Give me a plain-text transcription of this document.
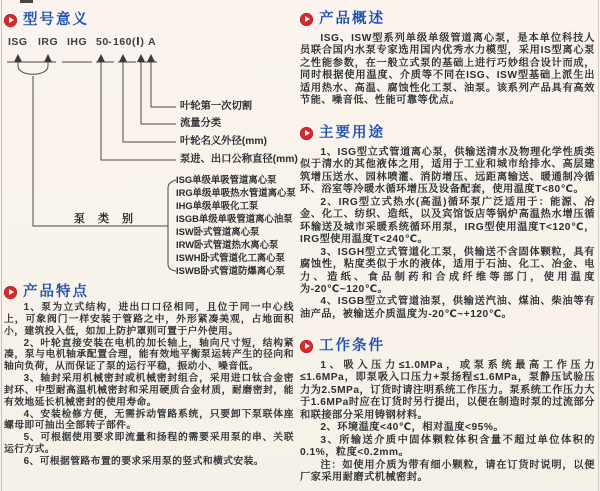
型号意义
ISG IRG IHG 50 - 160 (Ⅰ) A
叶轮第一次切割
流量分类
叶轮名义外径(mm)
泵进、出口公称直径(mm)
泵　类　别
ISG单级单吸管道离心泵
IRG单级单吸热水管道离心泵
IHG单级单吸化工泵
ISGB单级单吸管道离心油泵
ISW卧式管道离心泵
IRW卧式管道热水离心泵
ISWH卧式管道化工离心泵
ISWB卧式管道防爆离心泵
产品特点

1、泵为立式结构，进出口口径相同，且位于同一中心线上，可象阀门一样安装于管路之中，外形紧凑美观，占地面积小，建筑投入低，如加上防护罩则可置于户外使用。

2、叶轮直接安装在电机的加长轴上，轴向尺寸短，结构紧凑，泵与电机轴承配置合理，能有效地平衡泵运转产生的径向和轴向负荷，从而保证了泵的运行平稳，振动小、噪音低。

3、轴封采用机械密封或机械密封组合，采用进口钛合金密封环、中型耐高温机械密封和采用硬质合金材质，耐磨密封，能有效地延长机械密封的使用寿命。

4、安装检修方便，无需拆动管路系统，只要卸下泵联体座螺母即可抽出全部转子部件。

5、可根据使用要求即流量和扬程的需要采用泵的串、关联运行方式。

6、可根据管路布置的要求采用泵的竖式和横式安装。

产品概述

ISG、ISW型系列单级单级管道离心泵，是本单位科技人员联合国内水泵专家选用国内优秀水力模型，采用IS型离心泵之性能参数，在一般立式泵的基础上进行巧妙组合设计而成，同时根据使用温度、介质等不同在ISG、ISW型基础上派生出适用热水、高温、腐蚀性化工泵、油泵。该系列产品具有高效节能、噪音低、性能可靠等优点。

主要用途

1、ISG型立式管道离心泵，供输送清水及物理化学性质类似于清水的其他液体之用，适用于工业和城市给排水、高层建筑增压送水、园林喷灌、消防增压、远距离输送、暖通制冷循环、浴室等冷暖水循环增压及设备配套，使用温度T<80℃。

2、IRG型立式热水(高温)循环泵广泛适用于：能源、冶金、化工、纺织、造纸，以及宾馆饭店等锅炉高温热水增压循环输送及城市采暖系统循环用泵，IRG型使用温度T<120℃，IRG型使用温度T<240℃。

3、ISGH型立式管道化工泵，供输送不含固体颗粒，具有腐蚀性，粘度类似于水的液体，适用于石油、化工、冶金、电力、造纸、食品制药和合成纤维等部门，使用温度为-20℃~120℃。

4、ISGB型立式管道油泵，供输送汽油、煤油、柴油等有油产品，被输送介质温度为-20℃~+120℃。

工作条件

1、吸入压力≤1.0MPa，或泵系统最高工作压力≤1.6MPa，即泵吸入口压力+泵扬程≤1.6MPa，泵静压试验压力为2.5MPa，订货时请注明系统工作压力。泵系统工作压力大于1.6MPa时应在订货时另行提出，以便在制造时泵的过流部分和联接部分采用铸钢材料。

2、环境温度<40℃，相对温度<95%。

3、所输送介质中固体颗粒体积含量不超过单位体积的0.1%，粒度<0.2mm。

注：如使用介质为带有细小颗粒，请在订货时说明，以便厂家采用耐磨式机械密封。
